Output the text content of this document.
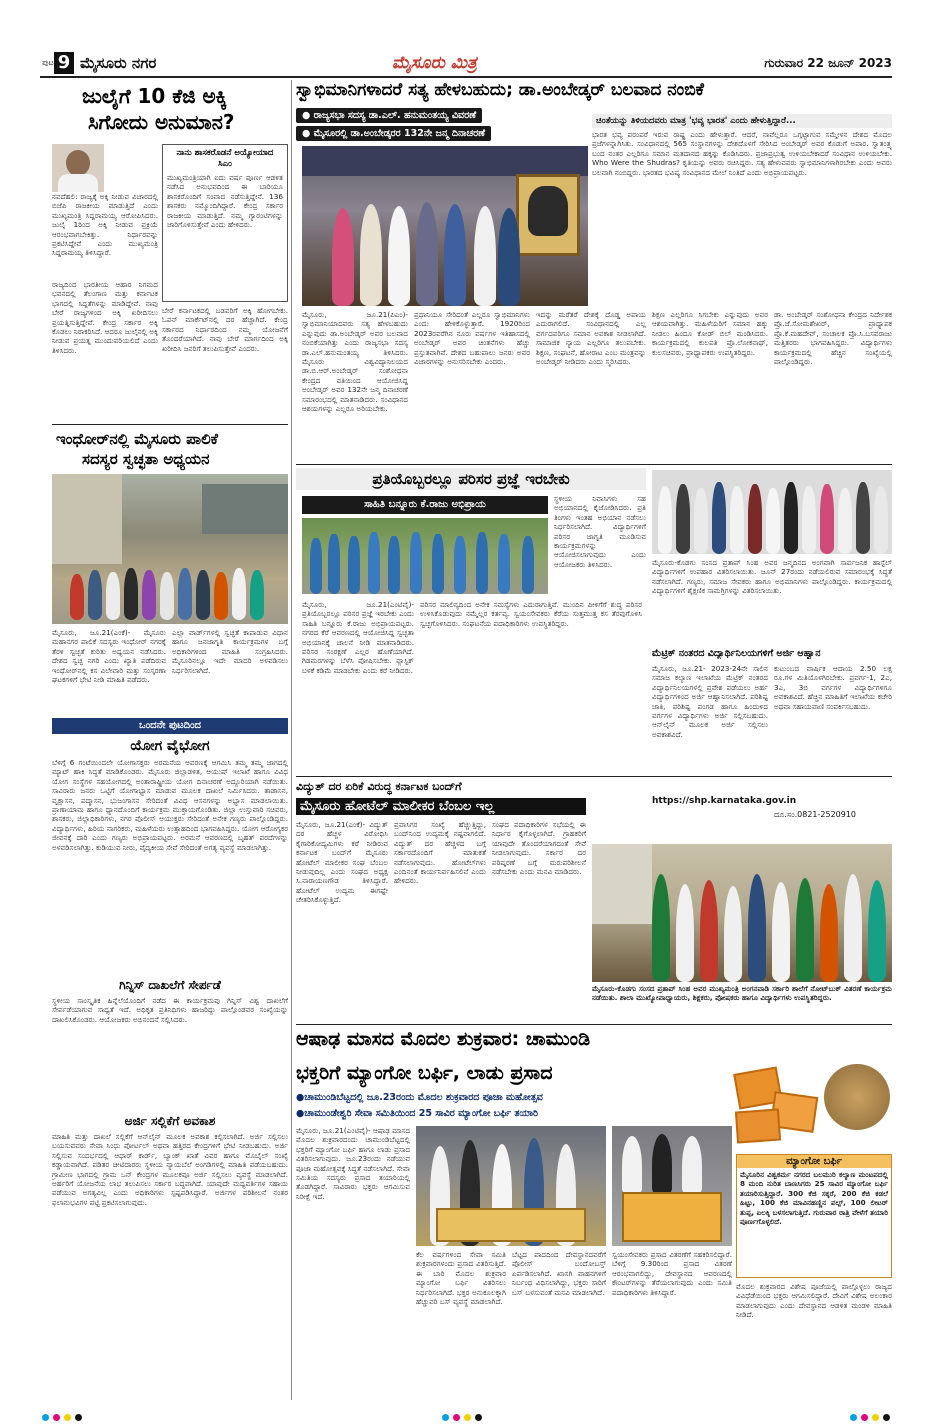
ಪುಟ 9 ಮೈಸೂರು ನಗರ	ಮೈಸೂರು ಮಿತ್ರ	ಗುರುವಾರ 22 ಜೂನ್ 2023
ಜುಲೈಗೆ 10 ಕೆಜಿ ಅಕ್ಕಿ
ಸಿಗೋದು ಅನುಮಾನ?
ನವದೆಹಲಿ: ರಾಜ್ಯಕ್ಕೆ ಅಕ್ಕಿ ನೀಡುವ ವಿಚಾರದಲ್ಲಿ ಬಿಜೆಪಿ ರಾಜಕೀಯ ಮಾಡುತ್ತಿದೆ ಎಂದು ಮುಖ್ಯಮಂತ್ರಿ ಸಿದ್ದರಾಮಯ್ಯ ಆರೋಪಿಸಿದರು. ಜುಲೈ 1ರಿಂದ ಅಕ್ಕಿ ನೀಡುವ ಪ್ರಕ್ರಿಯೆ ಆರಂಭವಾಗಬೇಕಿತ್ತು. ನಿರ್ಧಾರವನ್ನು ಪ್ರಕಟಿಸಿದ್ದೇವೆ ಎಂದು ಮುಖ್ಯಮಂತ್ರಿ ಸಿದ್ದರಾಮಯ್ಯ ತಿಳಿಸಿದ್ದಾರೆ.
ನಾನು ಶಾಸಕರೊಡನೆ ಅಯ್ಯೋಯಾದ ಸಿಎಂ
ಮುಖ್ಯಮಂತ್ರಿಯಾಗಿ ಐದು ವರ್ಷ ಪೂರ್ಣ ಆಡಳಿತ ನಡೆಸಿದ ಅನುಭವದಿಂದ ಈ ಬಾರಿಯೂ ಶಾಸಕರೊಂದಿಗೆ ಸಂವಾದ ನಡೆಸುತ್ತಿದ್ದೇನೆ. 136 ಶಾಸಕರು ನಮ್ಮೊಂದಿಗಿದ್ದಾರೆ. ಕೇಂದ್ರ ಸರ್ಕಾರ ರಾಜಕೀಯ ಮಾಡುತ್ತಿದೆ. ನಮ್ಮ ಗ್ಯಾರಂಟಿಗಳನ್ನು ಜಾರಿಗೊಳಿಸುತ್ತೇವೆ ಎಂದು ಹೇಳಿದರು.
ರಾಜ್ಯದಿಂದ ಭಾರತೀಯ ಆಹಾರ ನಿಗಮದ ಭವನದಲ್ಲಿ ತೆಲಂಗಾಣ ಮತ್ತು ಕರ್ನಾಟಕ ಭಾಗದಲ್ಲಿ ಸಿದ್ದತೆಗಳನ್ನು ಮಾಡಿದ್ದೇವೆ. ನಾವು ಬೇರೆ ರಾಜ್ಯಗಳಿಂದ ಅಕ್ಕಿ ಖರೀದಿಸಲು ಪ್ರಯತ್ನಿಸುತ್ತಿದ್ದೇವೆ. ಕೇಂದ್ರ ಸರ್ಕಾರ ಅಕ್ಕಿ ಕೊಡಲು ನಿರಾಕರಿಸಿದೆ. ಆದರೂ ಜುಲೈನಲ್ಲಿ ಅಕ್ಕಿ ನೀಡುವ ಪ್ರಯತ್ನ ಮುಂದುವರಿಯಲಿದೆ ಎಂದು ತಿಳಿಸಿದರು.
ಬೇರೆ ಕರ್ನಾಟಕದಲ್ಲಿ ಬಡವರಿಗೆ ಅಕ್ಕಿ ಹೋಗಬೇಕು. ಓಪನ್ ಮಾರ್ಕೆಟ್‌ನಲ್ಲಿ ದರ ಹೆಚ್ಚಾಗಿದೆ. ಕೇಂದ್ರ ಸರ್ಕಾರದ ನಿರ್ಧಾರದಿಂದ ನಮ್ಮ ಯೋಜನೆಗೆ ತೊಂದರೆಯಾಗಿದೆ. ನಾವು ಬೇರೆ ಮಾರ್ಗದಿಂದ ಅಕ್ಕಿ ಖರೀದಿಸಿ ಜನರಿಗೆ ತಲುಪಿಸುತ್ತೇವೆ ಎಂದರು.
ಇಂಧೋರ್‌ನಲ್ಲಿ ಮೈಸೂರು ಪಾಲಿಕೆ
ಸದಸ್ಯರ ಸ್ವಚ್ಛತಾ ಅಧ್ಯಯನ
ಮೈಸೂರು, ಜೂ.21(ಎಂಕೆ)- ಮೈಸೂರು ಮಹಾನಗರ ಪಾಲಿಕೆ ಸದಸ್ಯರು ಇಂಧೋರ್ ನಗರಕ್ಕೆ ತೆರಳಿ ಸ್ವಚ್ಛತೆ ಕುರಿತು ಅಧ್ಯಯನ ನಡೆಸಿದರು. ದೇಶದ ಸ್ವಚ್ಛ ನಗರಿ ಎಂದು ಖ್ಯಾತಿ ಪಡೆದಿರುವ ಇಂಧೋರ್‌ನಲ್ಲಿ ಕಸ ವಿಲೇವಾರಿ ಮತ್ತು ಸಂಸ್ಕರಣಾ ಘಟಕಗಳಿಗೆ ಭೇಟಿ ನೀಡಿ ಮಾಹಿತಿ ಪಡೆದರು.
ಎಲ್ಲಾ ವಾರ್ಡ್‌ಗಳಲ್ಲಿ ಸ್ವಚ್ಛತೆ ಕಾಪಾಡುವ ವಿಧಾನ ಹಾಗೂ ಜನಜಾಗೃತಿ ಕಾರ್ಯಕ್ರಮಗಳ ಬಗ್ಗೆ ಅಧಿಕಾರಿಗಳಿಂದ ಮಾಹಿತಿ ಸಂಗ್ರಹಿಸಿದರು. ಮೈಸೂರಿನಲ್ಲೂ ಇದೇ ಮಾದರಿ ಅಳವಡಿಸಲು ನಿರ್ಧರಿಸಲಾಗಿದೆ.
ಒಂದನೇ ಪುಟದಿಂದ
ಯೋಗ ವೈಭೋಗ
ಬೆಳಿಗ್ಗೆ 6 ಗಂಟೆಯಿಂದಲೇ ಯೋಗಾಸಕ್ತರು ಅರಮನೆಯ ಆವರಣಕ್ಕೆ ಆಗಮಿಸಿ ತಮ್ಮ ತಮ್ಮ ಜಾಗದಲ್ಲಿ ಮ್ಯಾಟ್ ಹಾಕಿ ಸಿದ್ಧತೆ ಮಾಡಿಕೊಂಡರು. ಮೈಸೂರು ಜಿಲ್ಲಾಡಳಿತ, ಆಯುಷ್ ಇಲಾಖೆ ಹಾಗೂ ವಿವಿಧ ಯೋಗ ಸಂಸ್ಥೆಗಳ ಸಹಯೋಗದಲ್ಲಿ ಅಂತಾರಾಷ್ಟ್ರೀಯ ಯೋಗ ದಿನಾಚರಣೆ ಅದ್ದೂರಿಯಾಗಿ ನಡೆಯಿತು. ಸಾವಿರಾರು ಜನರು ಒಟ್ಟಿಗೆ ಯೋಗಾಭ್ಯಾಸ ಮಾಡುವ ಮೂಲಕ ದಾಖಲೆ ನಿರ್ಮಿಸಿದರು. ತಾಡಾಸನ, ವೃಕ್ಷಾಸನ, ಪದ್ಮಾಸನ, ಭುಜಂಗಾಸನ ಸೇರಿದಂತೆ ವಿವಿಧ ಆಸನಗಳನ್ನು ಅಭ್ಯಾಸ ಮಾಡಲಾಯಿತು. ಪ್ರಾಣಾಯಾಮ ಹಾಗೂ ಧ್ಯಾನದೊಂದಿಗೆ ಕಾರ್ಯಕ್ರಮ ಮುಕ್ತಾಯಗೊಂಡಿತು. ಜಿಲ್ಲಾ ಉಸ್ತುವಾರಿ ಸಚಿವರು, ಶಾಸಕರು, ಜಿಲ್ಲಾಧಿಕಾರಿಗಳು, ನಗರ ಪೊಲೀಸ್ ಆಯುಕ್ತರು ಸೇರಿದಂತೆ ಅನೇಕ ಗಣ್ಯರು ಪಾಲ್ಗೊಂಡಿದ್ದರು. ವಿದ್ಯಾರ್ಥಿಗಳು, ಹಿರಿಯ ನಾಗರಿಕರು, ಮಹಿಳೆಯರು ಉತ್ಸಾಹದಿಂದ ಭಾಗವಹಿಸಿದ್ದರು. ಯೋಗ ಆರೋಗ್ಯಕರ ಜೀವನಕ್ಕೆ ದಾರಿ ಎಂದು ಗಣ್ಯರು ಅಭಿಪ್ರಾಯಪಟ್ಟರು. ಅರಮನೆ ಆವರಣದಲ್ಲಿ ಬೃಹತ್ ಪರದೆಗಳನ್ನು ಅಳವಡಿಸಲಾಗಿತ್ತು. ಕುಡಿಯುವ ನೀರು, ವೈದ್ಯಕೀಯ ಸೇವೆ ಸೇರಿದಂತೆ ಅಗತ್ಯ ವ್ಯವಸ್ಥೆ ಮಾಡಲಾಗಿತ್ತು.
ಗಿನ್ನಿಸ್ ದಾಖಲೆಗೆ ಸೇರ್ಪಡೆ
ಸ್ಥಳೀಯ ಸಾಂಸ್ಕೃತಿಕ ಹಿನ್ನೆಲೆಯೊಂದಿಗೆ ನಡೆದ ಈ ಕಾರ್ಯಕ್ರಮವು ಗಿನ್ನಿಸ್ ವಿಶ್ವ ದಾಖಲೆಗೆ ಸೇರ್ಪಡೆಯಾಗುವ ಸಾಧ್ಯತೆ ಇದೆ. ಅಧಿಕೃತ ಪ್ರತಿನಿಧಿಗಳು ಹಾಜರಿದ್ದು ಪಾಲ್ಗೊಂಡವರ ಸಂಖ್ಯೆಯನ್ನು ದಾಖಲಿಸಿಕೊಂಡರು. ಆಯೋಜಕರು ಅಭಿನಂದನೆ ಸಲ್ಲಿಸಿದರು.
ಅರ್ಜಿ ಸಲ್ಲಿಕೆಗೆ ಅವಕಾಶ
ಮಾಹಿತಿ ಮತ್ತು ದಾಖಲೆ ಸಲ್ಲಿಕೆಗೆ ಆನ್‌ಲೈನ್ ಮೂಲಕ ಅವಕಾಶ ಕಲ್ಪಿಸಲಾಗಿದೆ. ಅರ್ಜಿ ಸಲ್ಲಿಸಲು ಬಯಸುವವರು ಸೇವಾ ಸಿಂಧು ಪೋರ್ಟಲ್ ಅಥವಾ ಹತ್ತಿರದ ಕೇಂದ್ರಗಳಿಗೆ ಭೇಟಿ ನೀಡಬಹುದು. ಅರ್ಜಿ ಸಲ್ಲಿಸುವ ಸಂದರ್ಭದಲ್ಲಿ ಆಧಾರ್ ಕಾರ್ಡ್, ಬ್ಯಾಂಕ್ ಖಾತೆ ವಿವರ ಹಾಗೂ ಮೊಬೈಲ್ ಸಂಖ್ಯೆ ಕಡ್ಡಾಯವಾಗಿದೆ. ಪಡಿತರ ಚೀಟಿದಾರರು ಸ್ಥಳೀಯ ನ್ಯಾಯಬೆಲೆ ಅಂಗಡಿಗಳಲ್ಲಿ ಮಾಹಿತಿ ಪಡೆಯಬಹುದು. ಗ್ರಾಮೀಣ ಭಾಗದಲ್ಲಿ ಗ್ರಾಮ ಒನ್ ಕೇಂದ್ರಗಳ ಮೂಲಕವೂ ಅರ್ಜಿ ಸಲ್ಲಿಸಲು ವ್ಯವಸ್ಥೆ ಮಾಡಲಾಗಿದೆ. ಅರ್ಹರಿಗೆ ಯೋಜನೆಯ ಲಾಭ ತಲುಪಿಸಲು ಸರ್ಕಾರ ಬದ್ಧವಾಗಿದೆ. ಯಾವುದೇ ಮಧ್ಯವರ್ತಿಗಳ ಸಹಾಯ ಪಡೆಯುವ ಅಗತ್ಯವಿಲ್ಲ ಎಂದು ಅಧಿಕಾರಿಗಳು ಸ್ಪಷ್ಟಪಡಿಸಿದ್ದಾರೆ. ಅರ್ಜಿಗಳ ಪರಿಶೀಲನೆ ನಂತರ ಫಲಾನುಭವಿಗಳ ಪಟ್ಟಿ ಪ್ರಕಟಿಸಲಾಗುವುದು.
ಸ್ವಾಭಿಮಾನಿಗಳಾದರೆ ಸತ್ಯ ಹೇಳಬಹುದು; ಡಾ.ಅಂಬೇಡ್ಕರ್ ಬಲವಾದ ನಂಬಿಕೆ
● ರಾಜ್ಯಸಭಾ ಸದಸ್ಯ ಡಾ.ಎಲ್. ಹನುಮಂತಯ್ಯ ವಿವರಣೆ
● ಮೈಸೂರಲ್ಲಿ ಡಾ.ಅಂಬೇಡ್ಕರರ 132ನೇ ಜನ್ಮ ದಿನಾಚರಣೆ
ಚಿಂತೆಯನ್ನು ತಿಳಿಯದವರು ಮಾತ್ರ 'ಭವ್ಯ ಭಾರತ' ಎಂದು ಹೇಳುತ್ತಿದ್ದಾರೆ...
ಭಾರತ ಭವ್ಯ ಪರಂಪರೆ ಇರುವ ರಾಷ್ಟ್ರ ಎಂದು ಹೇಳುತ್ತಾರೆ. ಆದರೆ, ನಾವೆಲ್ಲರೂ ಒಗ್ಗಟ್ಟಾಗುವ ಸಮ್ಮೇಳನ ದೇಶದ ಮೊದಲ ಪ್ರಜೆಗಳನ್ನಾಗಿಸಿತು. ಸಂವಿಧಾನದಲ್ಲಿ 565 ಸಂಸ್ಥಾನಗಳನ್ನು ದೇಶದೊಳಗೆ ಸೇರಿಸಿದ ಅಂಬೇಡ್ಕರ್ ಅವರ ಕೊಡುಗೆ ಅಪಾರ. ಸ್ವಾತಂತ್ರ್ಯ ಬಂದ ನಂತರ ಎಲ್ಲರಿಗೂ ಸಮಾನ ಮತದಾನದ ಹಕ್ಕನ್ನು ಕೊಡಿಸಿದರು. ಪ್ರಜಾಪ್ರಭುತ್ವ ಉಳಿಯಬೇಕಾದರೆ ಸಂವಿಧಾನ ಉಳಿಯಬೇಕು. Who Were the Shudras? ಕೃತಿಯನ್ನು ಅವರು ರಚಿಸಿದ್ದರು. ಸತ್ಯ ಹೇಳುವವರು ಸ್ವಾಭಿಮಾನಿಗಳಾಗಿರಬೇಕು ಎಂದು ಅವರು ಬಲವಾಗಿ ನಂಬಿದ್ದರು. ಭಾರತದ ಭವಿಷ್ಯ ಸಂವಿಧಾನದ ಮೇಲೆ ನಿಂತಿದೆ ಎಂದು ಅಭಿಪ್ರಾಯಪಟ್ಟರು.
ಮೈಸೂರು, ಜೂ.21(ಪಿಎಂ)- ಸ್ವಾಭಿಮಾನಿಯಾದವರು ಸತ್ಯ ಹೇಳಬಹುದು ಎನ್ನುವುದು ಡಾ.ಅಂಬೇಡ್ಕರ್ ಅವರ ಬಲವಾದ ನಂಬಿಕೆಯಾಗಿತ್ತು ಎಂದು ರಾಜ್ಯಸಭಾ ಸದಸ್ಯ ಡಾ.ಎಲ್.ಹನುಮಂತಯ್ಯ ತಿಳಿಸಿದರು. ಮೈಸೂರು ವಿಶ್ವವಿದ್ಯಾನಿಲಯದ ಡಾ.ಬಿ.ಆರ್.ಅಂಬೇಡ್ಕರ್ ಸಂಶೋಧನಾ ಕೇಂದ್ರದ ವತಿಯಿಂದ ಆಯೋಜಿಸಿದ್ದ ಅಂಬೇಡ್ಕರ್ ಅವರ 132ನೇ ಜನ್ಮ ದಿನಾಚರಣೆ ಸಮಾರಂಭದಲ್ಲಿ ಮಾತನಾಡಿದರು. ಸಂವಿಧಾನದ ಆಶಯಗಳನ್ನು ಎಲ್ಲರೂ ಅರಿಯಬೇಕು.
ಪ್ರಧಾನಿಯೂ ಸೇರಿದಂತೆ ಎಲ್ಲರೂ ಸ್ವಾಭಿಮಾನಿಗಳು ಎಂದು ಹೇಳಿಕೊಳ್ಳುತ್ತಾರೆ. 1920ರಿಂದ 2023ರವರೆಗಿನ ನೂರು ವರ್ಷಗಳ ಇತಿಹಾಸದಲ್ಲಿ ಅಂಬೇಡ್ಕರ್ ಅವರ ಚಿಂತನೆಗಳು ಹೆಚ್ಚು ಪ್ರಸ್ತುತವಾಗಿವೆ. ದೇಶದ ಬಹುಪಾಲು ಜನರು ಅವರ ವಿಚಾರಗಳನ್ನು ಅನುಸರಿಸಬೇಕು ಎಂದರು.
ಇದನ್ನು ಮರೆತರೆ ದೇಶಕ್ಕೆ ದೊಡ್ಡ ಅಪಾಯ ಎದುರಾಗಲಿದೆ. ಸಂವಿಧಾನದಲ್ಲಿ ಎಲ್ಲ ವರ್ಗದವರಿಗೂ ಸಮಾನ ಅವಕಾಶ ನೀಡಲಾಗಿದೆ. ಸಾಮಾಜಿಕ ನ್ಯಾಯ ಎಲ್ಲರಿಗೂ ತಲುಪಬೇಕು. ಶಿಕ್ಷಣ, ಸಂಘಟನೆ, ಹೋರಾಟ ಎಂಬ ಮಂತ್ರವನ್ನು ಅಂಬೇಡ್ಕರ್ ನೀಡಿದರು ಎಂದು ಸ್ಮರಿಸಿದರು.
ಶಿಕ್ಷಣ ಎಲ್ಲರಿಗೂ ಸಿಗಬೇಕು ಎನ್ನುವುದು ಅವರ ಆಶಯವಾಗಿತ್ತು. ಮಹಿಳೆಯರಿಗೆ ಸಮಾನ ಹಕ್ಕು ನೀಡಲು ಹಿಂದೂ ಕೋಡ್ ಬಿಲ್ ಮಂಡಿಸಿದರು. ಕಾರ್ಯಕ್ರಮದಲ್ಲಿ ಕುಲಪತಿ ಪ್ರೊ.ಲೋಕನಾಥ್, ಕುಲಸಚಿವರು, ಪ್ರಾಧ್ಯಾಪಕರು ಉಪಸ್ಥಿತರಿದ್ದರು.
ಡಾ. ಅಂಬೇಡ್ಕರ್ ಸಂಶೋಧನಾ ಕೇಂದ್ರದ ನಿರ್ದೇಶಕ ಪ್ರೊ.ಜೆ.ಸೋಮಶೇಖರ್, ಪ್ರಾಧ್ಯಾಪಕ ಪ್ರೊ.ಕೆ.ಮಹದೇವ್, ಸಂಚಾಲಕ ಪ್ರೊ.ಸಿ.ಬಸವರಾಜು ಮತ್ತಿತರರು ಭಾಗವಹಿಸಿದ್ದರು. ವಿದ್ಯಾರ್ಥಿಗಳು ಕಾರ್ಯಕ್ರಮದಲ್ಲಿ ಹೆಚ್ಚಿನ ಸಂಖ್ಯೆಯಲ್ಲಿ ಪಾಲ್ಗೊಂಡಿದ್ದರು.
ಪ್ರತಿಯೊಬ್ಬರಲ್ಲೂ ಪರಿಸರ ಪ್ರಜ್ಞೆ ಇರಬೇಕು
ಸಾಹಿತಿ ಬನ್ನೂರು ಕೆ.ರಾಜು ಅಭಿಪ್ರಾಯ
ಸ್ಥಳೀಯ ನಿವಾಸಿಗಳು ಸಹ ಅಭಿಯಾನದಲ್ಲಿ ಕೈಜೋಡಿಸಿದರು. ಪ್ರತಿ ತಿಂಗಳು ಇಂತಹ ಅಭಿಯಾನ ನಡೆಸಲು ನಿರ್ಧರಿಸಲಾಗಿದೆ. ವಿದ್ಯಾರ್ಥಿಗಳಿಗೆ ಪರಿಸರ ಜಾಗೃತಿ ಮೂಡಿಸುವ ಕಾರ್ಯಕ್ರಮಗಳನ್ನು ಆಯೋಜಿಸಲಾಗುವುದು ಎಂದು ಆಯೋಜಕರು ತಿಳಿಸಿದರು.
ಮೈಸೂರು, ಜೂ.21(ಎಂಟಿವೈ)- ಪ್ರತಿಯೊಬ್ಬರಲ್ಲೂ ಪರಿಸರ ಪ್ರಜ್ಞೆ ಇರಬೇಕು ಎಂದು ಸಾಹಿತಿ ಬನ್ನೂರು ಕೆ.ರಾಜು ಅಭಿಪ್ರಾಯಪಟ್ಟರು. ನಗರದ ಕೆರೆ ಆವರಣದಲ್ಲಿ ಆಯೋಜಿಸಿದ್ದ ಸ್ವಚ್ಛತಾ ಅಭಿಯಾನಕ್ಕೆ ಚಾಲನೆ ನೀಡಿ ಮಾತನಾಡಿದರು. ಪರಿಸರ ಸಂರಕ್ಷಣೆ ಎಲ್ಲರ ಹೊಣೆಯಾಗಿದೆ. ಗಿಡಮರಗಳನ್ನು ಬೆಳೆಸಿ ಪೋಷಿಸಬೇಕು. ಪ್ಲಾಸ್ಟಿಕ್ ಬಳಕೆ ಕಡಿಮೆ ಮಾಡಬೇಕು ಎಂದು ಕರೆ ನೀಡಿದರು.
ಪರಿಸರ ಮಾಲಿನ್ಯದಿಂದ ಅನೇಕ ಸಮಸ್ಯೆಗಳು ಎದುರಾಗುತ್ತಿವೆ. ಮುಂದಿನ ಪೀಳಿಗೆಗೆ ಶುದ್ಧ ಪರಿಸರ ಉಳಿಸಿಕೊಡುವುದು ನಮ್ಮೆಲ್ಲರ ಕರ್ತವ್ಯ. ಸ್ವಯಂಸೇವಕರು ಕೆರೆಯ ಸುತ್ತಮುತ್ತ ಕಸ ತೆರವುಗೊಳಿಸಿ ಸ್ವಚ್ಛಗೊಳಿಸಿದರು. ಸಂಘಟನೆಯ ಪದಾಧಿಕಾರಿಗಳು ಉಪಸ್ಥಿತರಿದ್ದರು.
ಮೈಸೂರು-ಕೊಡಗು ಸಂಸದ ಪ್ರತಾಪ್ ಸಿಂಹ ಅವರ ಜನ್ಮದಿನದ ಅಂಗವಾಗಿ ಸಾರ್ವಜನಿಕ ಹಾಸ್ಟೆಲ್ ವಿದ್ಯಾರ್ಥಿಗಳಿಗೆ ಉಪಹಾರ ವಿತರಿಸಲಾಯಿತು. ಜೂನ್ 27ರಂದು ನಡೆಯಲಿರುವ ಸಮಾರಂಭಕ್ಕೆ ಸಿದ್ಧತೆ ನಡೆಸಲಾಗಿದೆ. ಗಣ್ಯರು, ಸಮಾಜ ಸೇವಕರು ಹಾಗೂ ಅಭಿಮಾನಿಗಳು ಪಾಲ್ಗೊಂಡಿದ್ದರು. ಕಾರ್ಯಕ್ರಮದಲ್ಲಿ ವಿದ್ಯಾರ್ಥಿಗಳಿಗೆ ಶೈಕ್ಷಣಿಕ ಸಾಮಗ್ರಿಗಳನ್ನು ವಿತರಿಸಲಾಯಿತು.
ಮೆಟ್ರಿಕ್ ನಂತರದ ವಿದ್ಯಾರ್ಥಿನಿಲಯಗಳಿಗೆ ಅರ್ಜಿ ಆಹ್ವಾನ
ಮೈಸೂರು, ಜೂ.21- 2023-24ನೇ ಸಾಲಿನ ಸಮಾಜ ಕಲ್ಯಾಣ ಇಲಾಖೆಯ ಮೆಟ್ರಿಕ್ ನಂತರದ ವಿದ್ಯಾರ್ಥಿನಿಲಯಗಳಲ್ಲಿ ಪ್ರವೇಶ ಪಡೆಯಲು ಅರ್ಹ ವಿದ್ಯಾರ್ಥಿಗಳಿಂದ ಅರ್ಜಿ ಆಹ್ವಾನಿಸಲಾಗಿದೆ. ಪರಿಶಿಷ್ಟ ಜಾತಿ, ಪರಿಶಿಷ್ಟ ಪಂಗಡ ಹಾಗೂ ಹಿಂದುಳಿದ ವರ್ಗಗಳ ವಿದ್ಯಾರ್ಥಿಗಳು ಅರ್ಜಿ ಸಲ್ಲಿಸಬಹುದು. ಆನ್‌ಲೈನ್ ಮೂಲಕ ಅರ್ಜಿ ಸಲ್ಲಿಸಲು ಅವಕಾಶವಿದೆ.
ಕುಟುಂಬದ ವಾರ್ಷಿಕ ಆದಾಯ 2.50 ಲಕ್ಷ ರೂ.ಗಳ ಮಿತಿಯೊಳಗಿರಬೇಕು. ಪ್ರವರ್ಗ-1, 2ಎ, 3ಎ, 3ಬಿ ವರ್ಗಗಳ ವಿದ್ಯಾರ್ಥಿಗಳಿಗೂ ಅವಕಾಶವಿದೆ. ಹೆಚ್ಚಿನ ಮಾಹಿತಿಗೆ ಇಲಾಖೆಯ ಕಚೇರಿ ಅಥವಾ ಸಹಾಯವಾಣಿ ಸಂಪರ್ಕಿಸಬಹುದು.
https://shp.karnataka.gov.in
ದೂ.ಸಂ.0821-2520910
ವಿದ್ಯುತ್ ದರ ಏರಿಕೆ ವಿರುದ್ಧ ಕರ್ನಾಟಕ ಬಂದ್‌ಗೆ
ಮೈಸೂರು ಹೋಟೆಲ್ ಮಾಲೀಕರ ಬೆಂಬಲ ಇಲ್ಲ
ಮೈಸೂರು, ಜೂ.21(ಎಂಕೆ)- ವಿದ್ಯುತ್ ದರ ಹೆಚ್ಚಳ ವಿರೋಧಿಸಿ ಕೈಗಾರಿಕೋದ್ಯಮಿಗಳು ಕರೆ ನೀಡಿರುವ ಕರ್ನಾಟಕ ಬಂದ್‌ಗೆ ಮೈಸೂರು ಹೋಟೆಲ್ ಮಾಲೀಕರ ಸಂಘ ಬೆಂಬಲ ನೀಡುವುದಿಲ್ಲ ಎಂದು ಸಂಘದ ಅಧ್ಯಕ್ಷ ಸಿ.ನಾರಾಯಣಗೌಡ ತಿಳಿಸಿದ್ದಾರೆ. ಹೋಟೆಲ್ ಉದ್ಯಮ ಈಗಷ್ಟೇ ಚೇತರಿಸಿಕೊಳ್ಳುತ್ತಿದೆ.
ಪ್ರವಾಸಿಗರ ಸಂಖ್ಯೆ ಹೆಚ್ಚುತ್ತಿದ್ದು, ಬಂದ್‌ನಿಂದ ಉದ್ಯಮಕ್ಕೆ ನಷ್ಟವಾಗಲಿದೆ. ವಿದ್ಯುತ್ ದರ ಹೆಚ್ಚಳದ ಬಗ್ಗೆ ಸರ್ಕಾರದೊಂದಿಗೆ ಮಾತುಕತೆ ನಡೆಸಲಾಗುವುದು. ಹೋಟೆಲ್‌ಗಳು ಎಂದಿನಂತೆ ಕಾರ್ಯನಿರ್ವಹಿಸಲಿವೆ ಎಂದು ಹೇಳಿದರು.
ಸಂಘದ ಪದಾಧಿಕಾರಿಗಳ ಸಭೆಯಲ್ಲಿ ಈ ನಿರ್ಧಾರ ಕೈಗೊಳ್ಳಲಾಗಿದೆ. ಗ್ರಾಹಕರಿಗೆ ಯಾವುದೇ ತೊಂದರೆಯಾಗದಂತೆ ಸೇವೆ ನೀಡಲಾಗುವುದು. ಸರ್ಕಾರ ದರ ಪರಿಷ್ಕರಣೆ ಬಗ್ಗೆ ಮರುಪರಿಶೀಲನೆ ನಡೆಸಬೇಕು ಎಂದು ಮನವಿ ಮಾಡಿದರು.
ಮೈಸೂರು-ಕೊಡಗು ಸಂಸದ ಪ್ರತಾಪ್ ಸಿಂಹ ಅವರ ಮುಖ್ಯಮಂತ್ರಿ ಅಂಗನವಾಡಿ ಸರ್ಕಾರಿ ಶಾಲೆಗೆ ನೋಟ್‌ಬುಕ್ ವಿತರಣೆ ಕಾರ್ಯಕ್ರಮ ನಡೆಯಿತು. ಶಾಲಾ ಮುಖ್ಯೋಪಾಧ್ಯಾಯರು, ಶಿಕ್ಷಕರು, ಪೋಷಕರು ಹಾಗೂ ವಿದ್ಯಾರ್ಥಿಗಳು ಉಪಸ್ಥಿತರಿದ್ದರು.
ಆಷಾಢ ಮಾಸದ ಮೊದಲ ಶುಕ್ರವಾರ: ಚಾಮುಂಡಿ
ಭಕ್ತರಿಗೆ ಮ್ಯಾಂಗೋ ಬರ್ಫಿ, ಲಾಡು ಪ್ರಸಾದ
●ಚಾಮುಂಡಿಬೆಟ್ಟದಲ್ಲಿ ಜೂ.23ರಂದು ಮೊದಲ ಶುಕ್ರವಾರದ ಪೂಜಾ ಮಹೋತ್ಸವ
●ಚಾಮುಂಡೇಶ್ವರಿ ಸೇವಾ ಸಮಿತಿಯಿಂದ 25 ಸಾವಿರ ಮ್ಯಾಂಗೋ ಬರ್ಫಿ ತಯಾರಿ
ಮೈಸೂರು, ಜೂ.21(ಎಂಟಿವೈ)- ಆಷಾಢ ಮಾಸದ ಮೊದಲ ಶುಕ್ರವಾರದಂದು ಚಾಮುಂಡಿಬೆಟ್ಟದಲ್ಲಿ ಭಕ್ತರಿಗೆ ಮ್ಯಾಂಗೋ ಬರ್ಫಿ ಹಾಗೂ ಲಾಡು ಪ್ರಸಾದ ವಿತರಿಸಲಾಗುವುದು. ಜೂ.23ರಂದು ನಡೆಯುವ ಪೂಜಾ ಮಹೋತ್ಸವಕ್ಕೆ ಸಿದ್ಧತೆ ನಡೆಸಲಾಗಿದೆ. ಸೇವಾ ಸಮಿತಿಯ ಸದಸ್ಯರು ಪ್ರಸಾದ ತಯಾರಿಯಲ್ಲಿ ತೊಡಗಿದ್ದಾರೆ. ಸಾವಿರಾರು ಭಕ್ತರು ಆಗಮಿಸುವ ನಿರೀಕ್ಷೆ ಇದೆ.
ಮ್ಯಾಂಗೋ ಬರ್ಫಿ
ಮೈಸೂರಿನ ವಿಶ್ವಕರ್ಮ ನಗರದ ಬಲಮುರಿ ಕಲ್ಯಾಣ ಮಂಟಪದಲ್ಲಿ 8 ಮಂದಿ ನುರಿತ ಬಾಣಸಿಗರು 25 ಸಾವಿರ ಮ್ಯಾಂಗೋ ಬರ್ಫಿ ತಯಾರಿಸುತ್ತಿದ್ದಾರೆ. 300 ಕೆಜಿ ಸಕ್ಕರೆ, 200 ಕೆಜಿ ಕಡಲೆ ಹಿಟ್ಟು, 100 ಕೆಜಿ ಮಾವಿನಹಣ್ಣಿನ ಪಲ್ಪ್, 100 ಲೀಟರ್ ತುಪ್ಪ, ಏಲಕ್ಕಿ ಬಳಸಲಾಗುತ್ತಿದೆ. ಗುರುವಾರ ರಾತ್ರಿ ವೇಳೆಗೆ ತಯಾರಿ ಪೂರ್ಣಗೊಳ್ಳಲಿದೆ.
ಕೆಲ ವರ್ಷಗಳಿಂದ ಸೇವಾ ಸಮಿತಿ ಶುಕ್ರವಾರಗಳಂದು ಪ್ರಸಾದ ವಿತರಿಸುತ್ತಿದೆ. ಈ ಬಾರಿ ಮೊದಲ ಶುಕ್ರವಾರ ಮ್ಯಾಂಗೋ ಬರ್ಫಿ ವಿತರಿಸಲು ನಿರ್ಧರಿಸಲಾಗಿದೆ. ಭಕ್ತರ ಅನುಕೂಲಕ್ಕಾಗಿ ಹೆಚ್ಚುವರಿ ಬಸ್ ವ್ಯವಸ್ಥೆ ಮಾಡಲಾಗಿದೆ.
ಬೆಟ್ಟದ ಪಾದದಿಂದ ದೇವಸ್ಥಾನದವರೆಗೆ ಪೊಲೀಸ್ ಬಂದೋಬಸ್ತ್ ಏರ್ಪಡಿಸಲಾಗಿದೆ. ಖಾಸಗಿ ವಾಹನಗಳಿಗೆ ನಿರ್ಬಂಧ ವಿಧಿಸಲಾಗಿದ್ದು, ಭಕ್ತರು ಸಾರಿಗೆ ಬಸ್ ಬಳಸುವಂತೆ ಮನವಿ ಮಾಡಲಾಗಿದೆ.
ಸ್ವಯಂಸೇವಕರು ಪ್ರಸಾದ ವಿತರಣೆಗೆ ಸಹಕರಿಸಲಿದ್ದಾರೆ. ಬೆಳಿಗ್ಗೆ 9.30ರಿಂದ ಪ್ರಸಾದ ವಿತರಣೆ ಆರಂಭವಾಗಲಿದ್ದು, ದೇವಸ್ಥಾನದ ಆವರಣದಲ್ಲಿ ಕೌಂಟರ್‌ಗಳನ್ನು ತೆರೆಯಲಾಗುವುದು ಎಂದು ಸಮಿತಿ ಪದಾಧಿಕಾರಿಗಳು ತಿಳಿಸಿದ್ದಾರೆ.
ಮೊದಲ ಶುಕ್ರವಾರದ ವಿಶೇಷ ಪೂಜೆಯಲ್ಲಿ ಪಾಲ್ಗೊಳ್ಳಲು ರಾಜ್ಯದ ವಿವಿಧೆಡೆಯಿಂದ ಭಕ್ತರು ಆಗಮಿಸಲಿದ್ದಾರೆ. ದೇವಿಗೆ ವಿಶೇಷ ಅಲಂಕಾರ ಮಾಡಲಾಗುವುದು ಎಂದು ದೇವಸ್ಥಾನದ ಆಡಳಿತ ಮಂಡಳಿ ಮಾಹಿತಿ ನೀಡಿದೆ.
